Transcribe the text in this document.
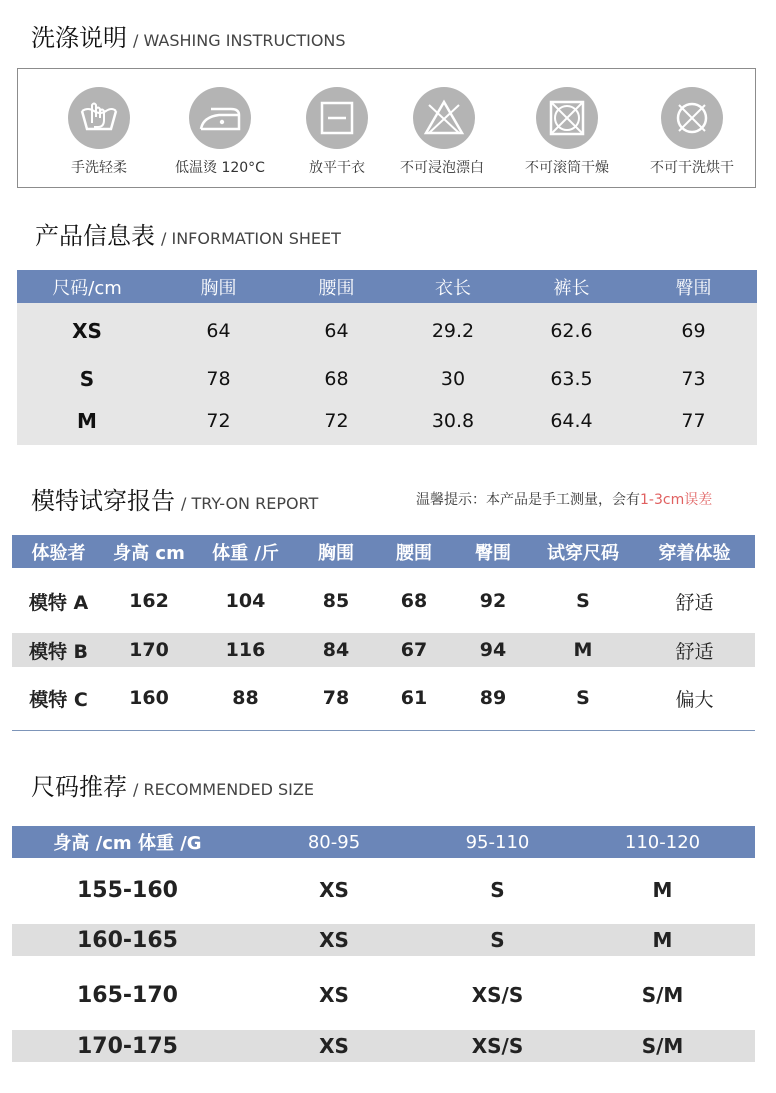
洗涤说明 / WASHING INSTRUCTIONS
手洗轻柔	低温烫 120°C	放平干衣	不可浸泡漂白	不可滚筒干燥	不可干洗烘干
产品信息表 / INFORMATION SHEET
尺码/cm	胸围	腰围	衣长	裤长	臀围
XS	64	64	29.2	62.6	69
S	78	68	30	63.5	73
M	72	72	30.8	64.4	77
模特试穿报告 / TRY-ON REPORT	温馨提示：本产品是手工测量，会有1-3cm误差
体验者	身高 cm	体重 /斤	胸围	腰围	臀围	试穿尺码	穿着体验
模特 A	162	104	85	68	92	S	舒适
模特 B	170	116	84	67	94	M	舒适
模特 C	160	88	78	61	89	S	偏大
尺码推荐 / RECOMMENDED SIZE
身高 /cm 体重 /G	80-95	95-110	110-120
155-160	XS	S	M
160-165	XS	S	M
165-170	XS	XS/S	S/M
170-175	XS	XS/S	S/M
